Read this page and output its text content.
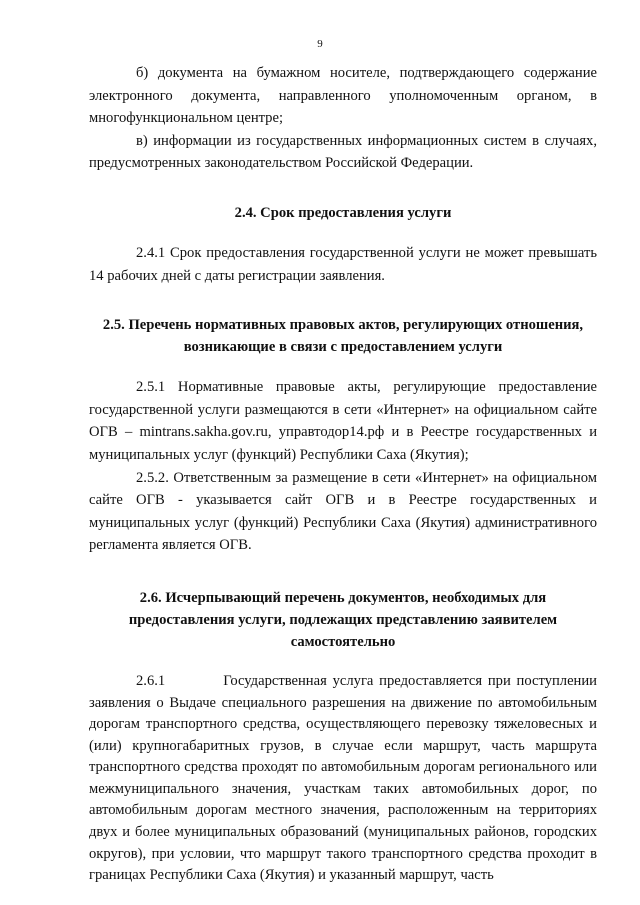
9

б) документа на бумажном носителе, подтверждающего содержание электронного документа, направленного уполномоченным органом, в многофункциональном центре;

в) информации из государственных информационных систем в случаях, предусмотренных законодательством Российской Федерации.

2.4. Срок предоставления услуги

2.4.1 Срок предоставления государственной услуги не может превышать 14 рабочих дней с даты регистрации заявления.

2.5. Перечень нормативных правовых актов, регулирующих отношения, возникающие в связи с предоставлением услуги

2.5.1 Нормативные правовые акты, регулирующие предоставление государственной услуги размещаются в сети «Интернет» на официальном сайте ОГВ – mintrans.sakha.gov.ru, управтодор14.рф и в Реестре государственных и муниципальных услуг (функций) Республики Саха (Якутия);

2.5.2. Ответственным за размещение в сети «Интернет» на официальном сайте ОГВ - указывается сайт ОГВ и в Реестре государственных и муниципальных услуг (функций) Республики Саха (Якутия) административного регламента является ОГВ.

2.6. Исчерпывающий перечень документов, необходимых для предоставления услуги, подлежащих представлению заявителем самостоятельно

2.6.1	Государственная услуга предоставляется при поступлении заявления о Выдаче специального разрешения на движение по автомобильным дорогам транспортного средства, осуществляющего перевозку тяжеловесных и (или) крупногабаритных грузов, в случае если маршрут, часть маршрута транспортного средства проходят по автомобильным дорогам регионального или межмуниципального значения, участкам таких автомобильных дорог, по автомобильным дорогам местного значения, расположенным на территориях двух и более муниципальных образований (муниципальных районов, городских округов), при условии, что маршрут такого транспортного средства проходит в границах Республики Саха (Якутия) и указанный маршрут, часть
